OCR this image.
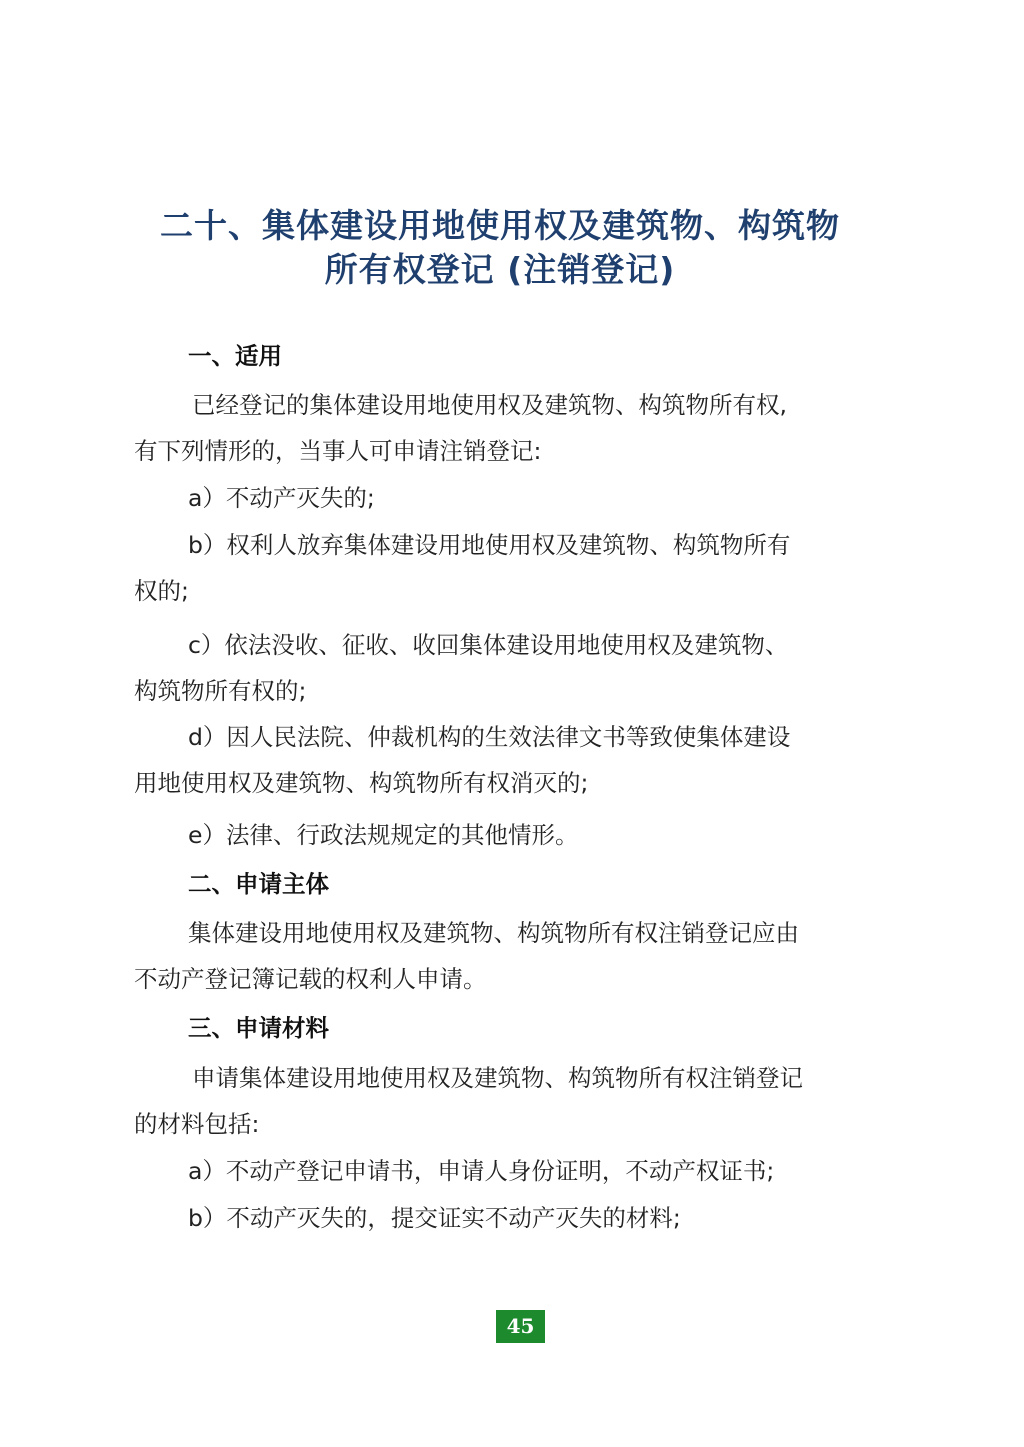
二十、集体建设用地使用权及建筑物、构筑物
所有权登记 (注销登记)
一、适用

已经登记的集体建设用地使用权及建筑物、构筑物所有权,
有下列情形的，当事人可申请注销登记:

a）不动产灭失的;

b）权利人放弃集体建设用地使用权及建筑物、构筑物所有
权的;

c）依法没收、征收、收回集体建设用地使用权及建筑物、
构筑物所有权的;

d）因人民法院、仲裁机构的生效法律文书等致使集体建设
用地使用权及建筑物、构筑物所有权消灭的;

e）法律、行政法规规定的其他情形。

二、申请主体

集体建设用地使用权及建筑物、构筑物所有权注销登记应由
不动产登记簿记载的权利人申请。

三、申请材料

申请集体建设用地使用权及建筑物、构筑物所有权注销登记
的材料包括:

a）不动产登记申请书，申请人身份证明，不动产权证书;

b）不动产灭失的，提交证实不动产灭失的材料;

45
